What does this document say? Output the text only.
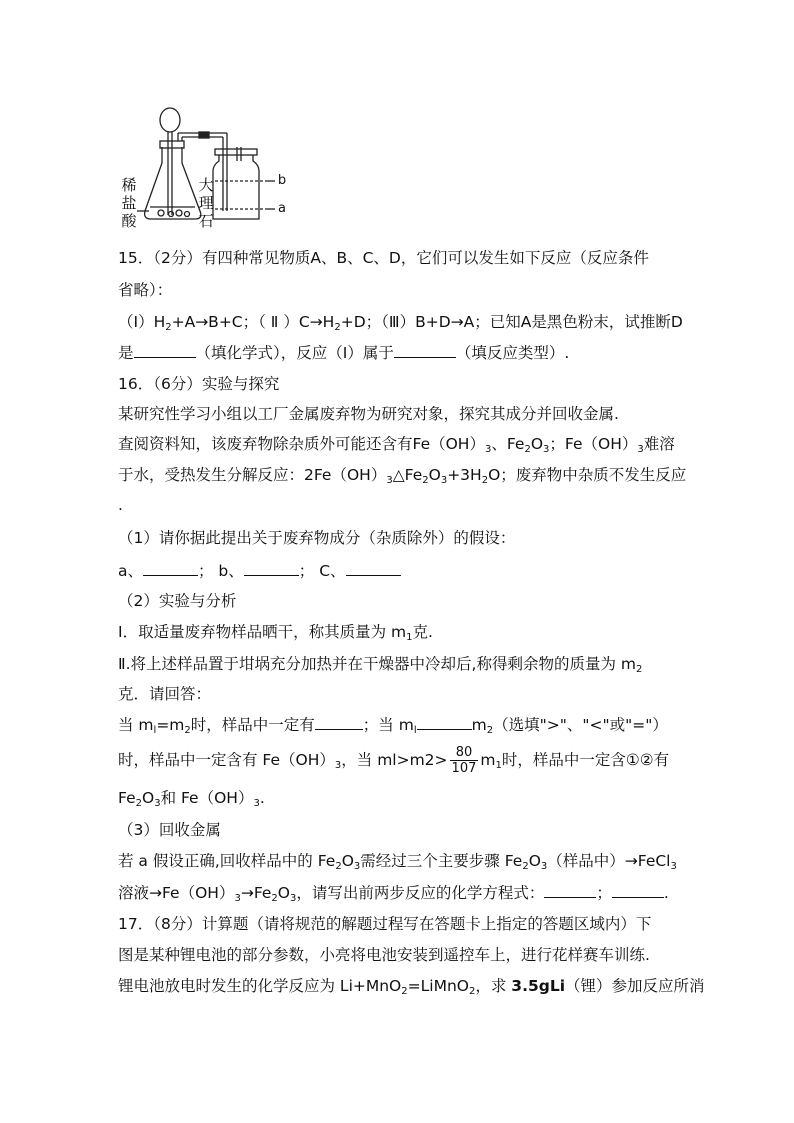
稀
盐
酸
大
理
石
b
a
15．（2分）有四种常见物质A、B、C、D，它们可以发生如下反应（反应条件
省略）：
$(Ⅰ)H_2+A\to B+C$；（ Ⅱ ）$C\to H_2+D$；（Ⅲ）B+D→A；已知A是黑色粉末，试推断D
是	（填化学式），反应（Ⅰ）属于	（填反应类型）.
16．（6分）实验与探究
某研究性学习小组以工厂金属废弃物为研究对象，探究其成分并回收金属.
查阅资料知，该废弃物除杂质外可能还含有$Fe(OH)_3$、$Fe_2O_3$；$Fe(OH)_3$难溶
于水，受热发生分解反应：$2Fe(OH)_3\triangle Fe_2O_3+3H_2O$；废弃物中杂质不发生反应
.
（1）请你据此提出关于废弃物成分（杂质除外）的假设：
a、	； b、	； C、
（2）实验与分析
Ⅰ．取适量废弃物样品晒干，称其质量为 $m_1$克.
Ⅱ.将上述样品置于坩埚充分加热并在干燥器中冷却后,称得剩余物的质量为 $m_2$
克．请回答：
当 $m_l=m_2$时，样品中一定有	；当 $m_l$	$m_2$（选填">"、"<"或"="）
时，样品中一定含有 $Fe(OH)_3$，当 $ml>m2> \frac{80}{107} m_1$时，样品中一定含①②有
$Fe_2O_3$和 $Fe(OH)_3$.
（3）回收金属
若 a 假设正确,回收样品中的 $Fe_2O_3$需经过三个主要步骤 $Fe_2O_3$（样品中）→FeCl$_3$
溶液$\to Fe(OH)_3\to Fe_2O_3$，请写出前两步反应的化学方程式：	；	.
17．（8分）计算题（请将规范的解题过程写在答题卡上指定的答题区域内）下
图是某种锂电池的部分参数，小亮将电池安装到遥控车上，进行花样赛车训练.
锂电池放电时发生的化学反应为 Li+MnO$_2$=LiMnO$_2$，求 3.5gLi（锂）参加反应所消
